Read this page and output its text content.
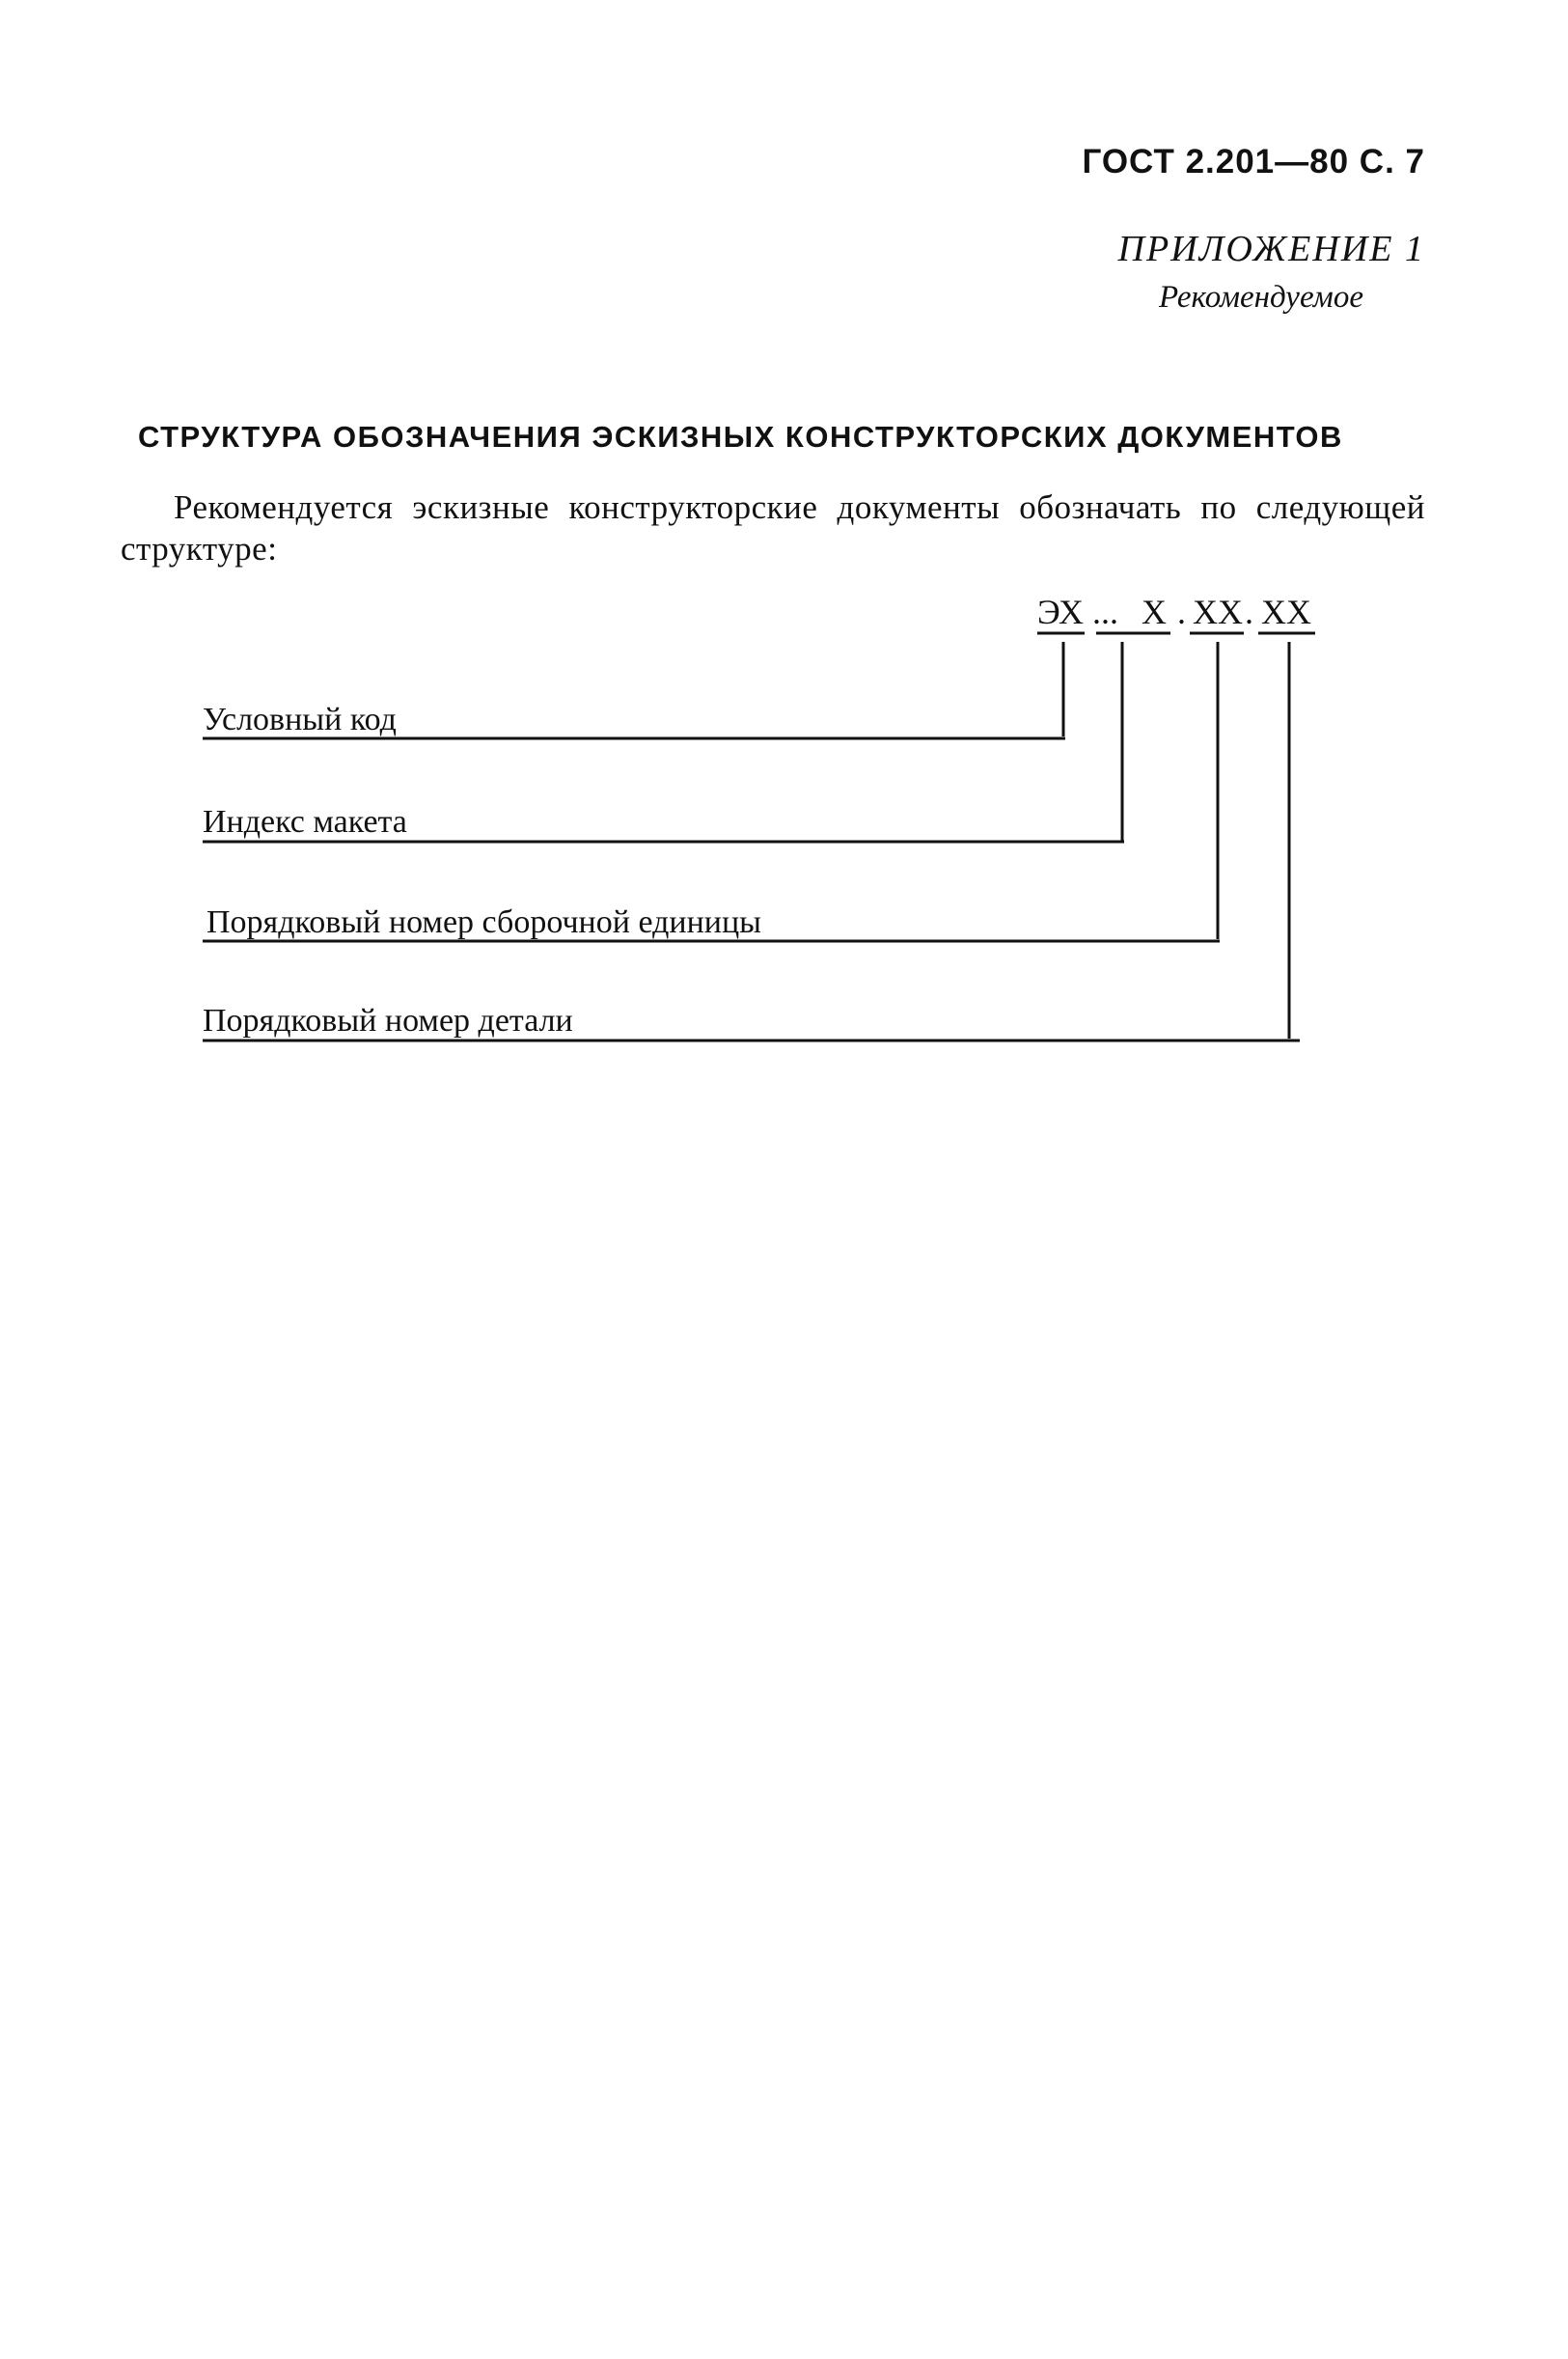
ГОСТ 2.201—80 С. 7
ПРИЛОЖЕНИЕ 1
Рекомендуемое
СТРУКТУРА ОБОЗНАЧЕНИЯ ЭСКИЗНЫХ КОНСТРУКТОРСКИХ ДОКУМЕНТОВ
Рекомендуется эскизные конструкторские документы обозначать по следующей структуре:
ЭХ ... Х . ХХ . ХХ
Условный код
Индекс макета
Порядковый номер сборочной единицы
Порядковый номер детали
